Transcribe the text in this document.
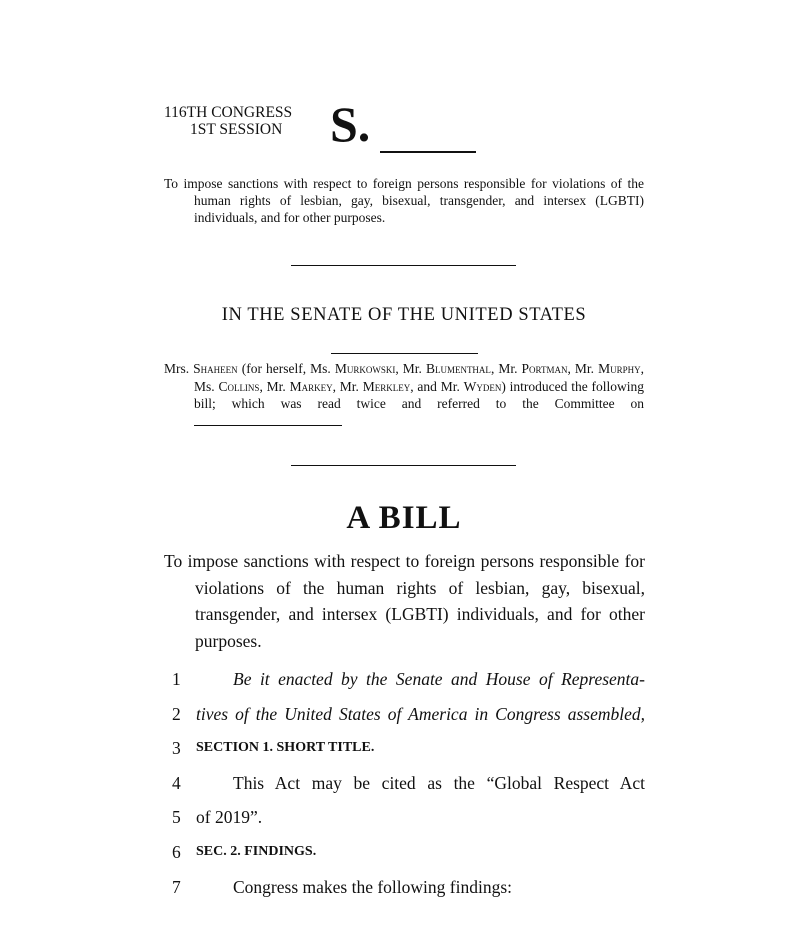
116TH CONGRESS
1ST SESSION S.
To impose sanctions with respect to foreign persons responsible for violations of the human rights of lesbian, gay, bisexual, transgender, and intersex (LGBTI) individuals, and for other purposes.
IN THE SENATE OF THE UNITED STATES
Mrs. Shaheen (for herself, Ms. Murkowski, Mr. Blumenthal, Mr. Portman, Mr. Murphy, Ms. Collins, Mr. Markey, Mr. Merkley, and Mr. Wyden) introduced the following bill; which was read twice and referred to the Committee on
A BILL
To impose sanctions with respect to foreign persons responsible for violations of the human rights of lesbian, gay, bisexual, transgender, and intersex (LGBTI) individuals, and for other purposes.
1	Be it enacted by the Senate and House of Representa-
2 tives of the United States of America in Congress assembled,
3 SECTION 1. SHORT TITLE.
4	This Act may be cited as the “Global Respect Act
5 of 2019”.
6 SEC. 2. FINDINGS.
7	Congress makes the following findings:
